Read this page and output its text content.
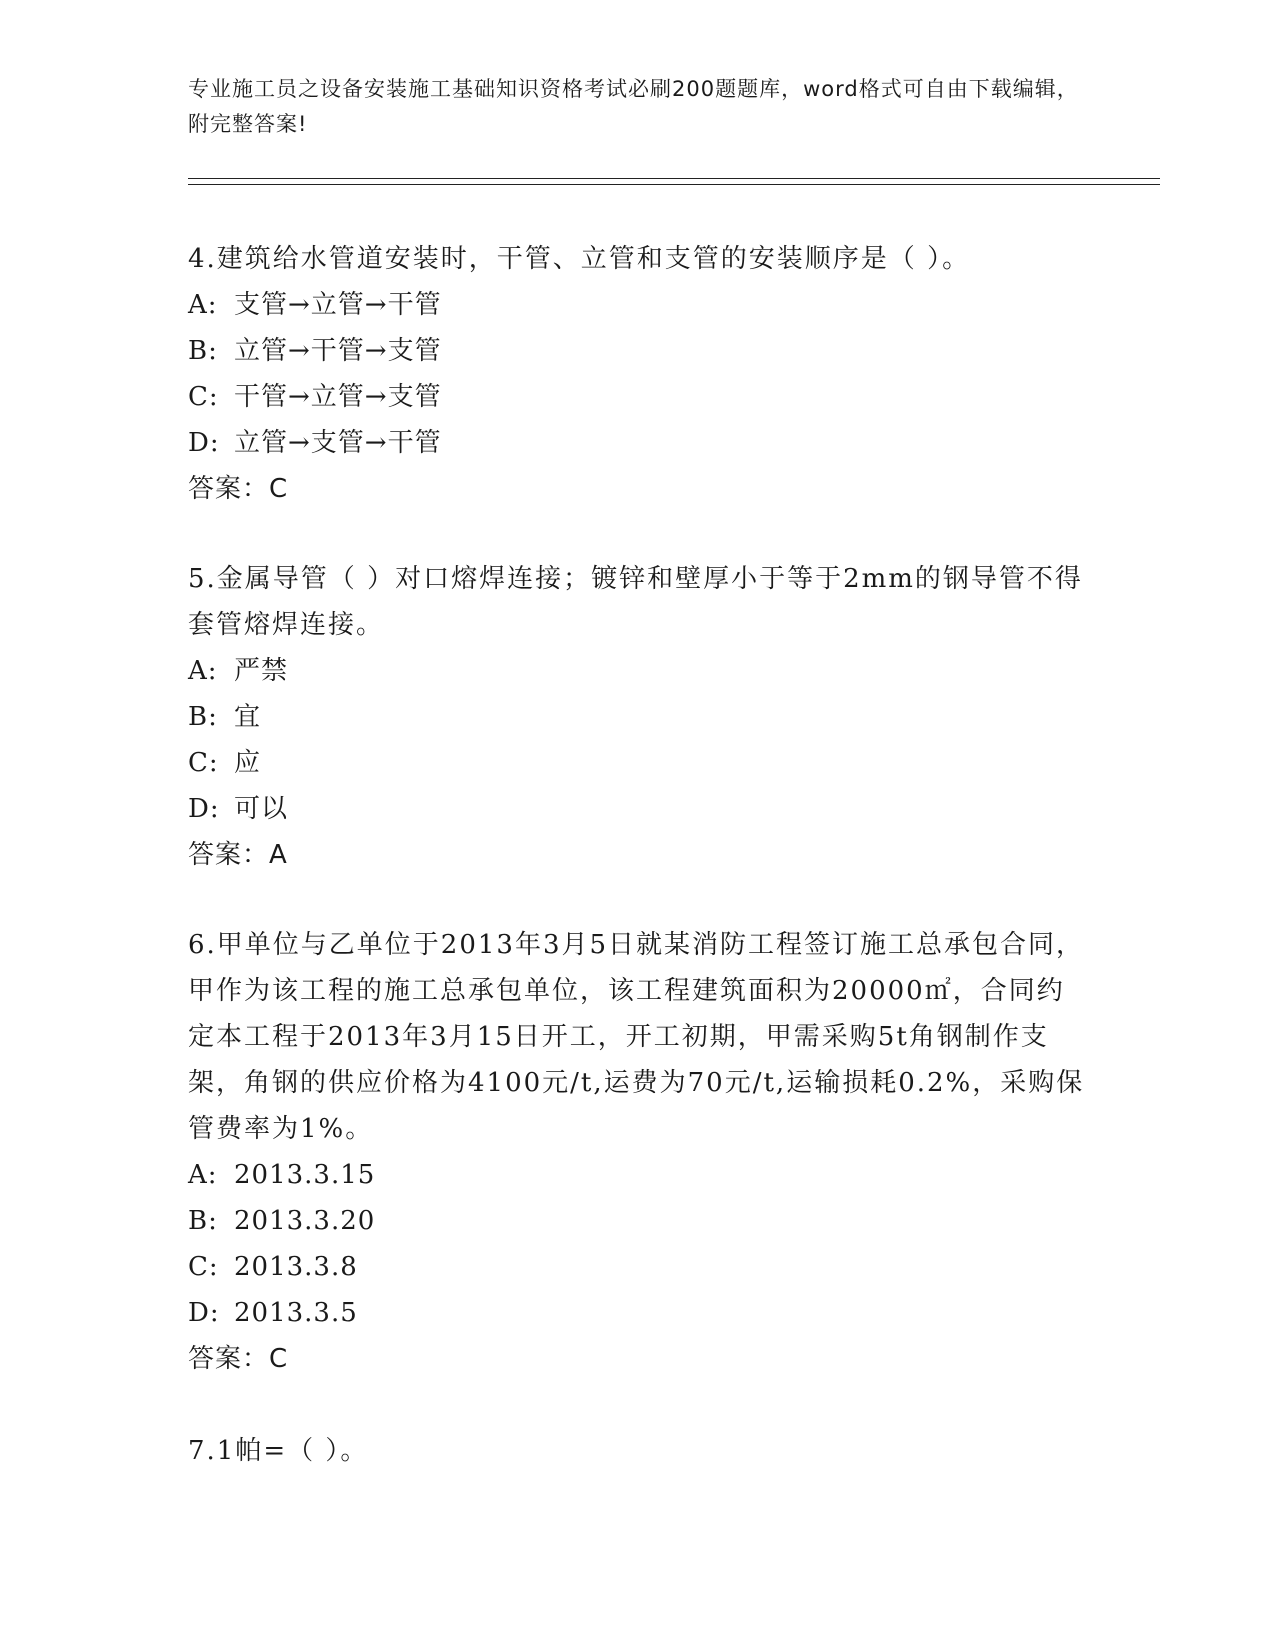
专业施工员之设备安装施工基础知识资格考试必刷200题题库，word格式可自由下载编辑，附完整答案!

4.建筑给水管道安装时，干管、立管和支管的安装顺序是（ ）。

A: 支管→立管→干管

B: 立管→干管→支管

C: 干管→立管→支管

D: 立管→支管→干管

答案：C

5.金属导管（ ）对口熔焊连接；镀锌和壁厚小于等于2mm的钢导管不得套管熔焊连接。

A: 严禁

B: 宜

C: 应

D: 可以

答案：A

6.甲单位与乙单位于2013年3月5日就某消防工程签订施工总承包合同，甲作为该工程的施工总承包单位，该工程建筑面积为20000㎡，合同约定本工程于2013年3月15日开工，开工初期，甲需采购5t角钢制作支架，角钢的供应价格为4100元/t,运费为70元/t,运输损耗0.2%，采购保管费率为1%。

A: 2013.3.15

B: 2013.3.20

C: 2013.3.8

D: 2013.3.5

答案：C

7.1帕=（ ）。
